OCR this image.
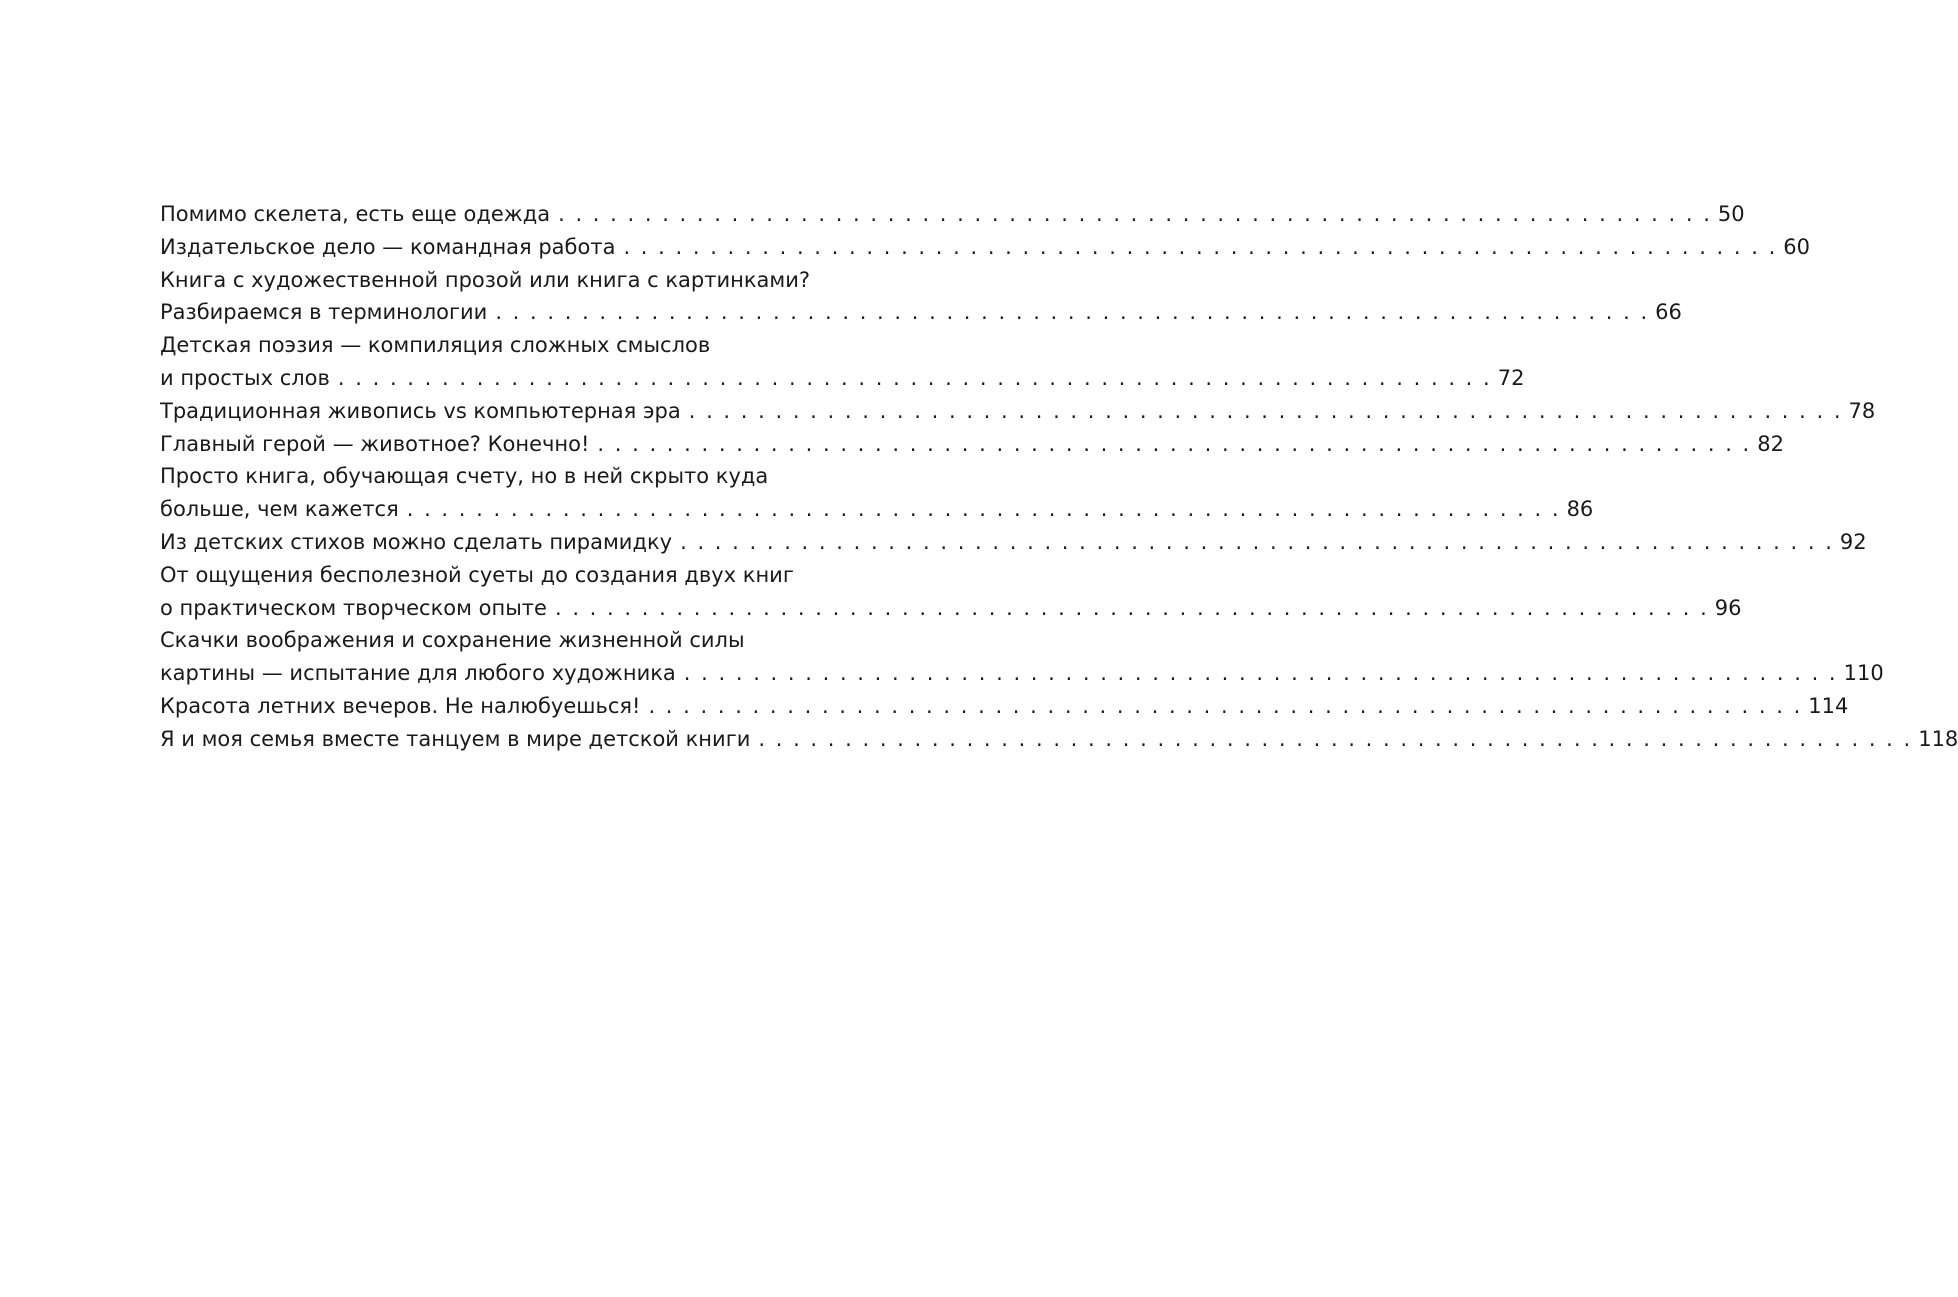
Помимо скелета, есть еще одежда . . . . . . . . . . . . . . . . . . . . . . . . . . . . . . . . . . . . . . . . . . . . . . . . . . . . . . . . . . . . . . . . . . . 50
Издательское дело — командная работа . . . . . . . . . . . . . . . . . . . . . . . . . . . . . . . . . . . . . . . . . . . . . . . . . . . . . . . . . . . . . . . . . . . 60
Книга с художественной прозой или книга с картинками?
Разбираемся в терминологии . . . . . . . . . . . . . . . . . . . . . . . . . . . . . . . . . . . . . . . . . . . . . . . . . . . . . . . . . . . . . . . . . . . 66
Детская поэзия — компиляция сложных смыслов
и простых слов . . . . . . . . . . . . . . . . . . . . . . . . . . . . . . . . . . . . . . . . . . . . . . . . . . . . . . . . . . . . . . . . . . . 72
Традиционная живопись vs компьютерная эра . . . . . . . . . . . . . . . . . . . . . . . . . . . . . . . . . . . . . . . . . . . . . . . . . . . . . . . . . . . . . . . . . . . 78
Главный герой — животное? Конечно! . . . . . . . . . . . . . . . . . . . . . . . . . . . . . . . . . . . . . . . . . . . . . . . . . . . . . . . . . . . . . . . . . . . 82
Просто книга, обучающая счету, но в ней скрыто куда
больше, чем кажется . . . . . . . . . . . . . . . . . . . . . . . . . . . . . . . . . . . . . . . . . . . . . . . . . . . . . . . . . . . . . . . . . . . 86
Из детских стихов можно сделать пирамидку . . . . . . . . . . . . . . . . . . . . . . . . . . . . . . . . . . . . . . . . . . . . . . . . . . . . . . . . . . . . . . . . . . . 92
От ощущения бесполезной суеты до создания двух книг
о практическом творческом опыте . . . . . . . . . . . . . . . . . . . . . . . . . . . . . . . . . . . . . . . . . . . . . . . . . . . . . . . . . . . . . . . . . . . 96
Скачки воображения и сохранение жизненной силы
картины — испытание для любого художника . . . . . . . . . . . . . . . . . . . . . . . . . . . . . . . . . . . . . . . . . . . . . . . . . . . . . . . . . . . . . . . . . . . 110
Красота летних вечеров. Не налюбуешься! . . . . . . . . . . . . . . . . . . . . . . . . . . . . . . . . . . . . . . . . . . . . . . . . . . . . . . . . . . . . . . . . . . . 114
Я и моя семья вместе танцуем в мире детской книги . . . . . . . . . . . . . . . . . . . . . . . . . . . . . . . . . . . . . . . . . . . . . . . . . . . . . . . . . . . . . . . . . . . 118
